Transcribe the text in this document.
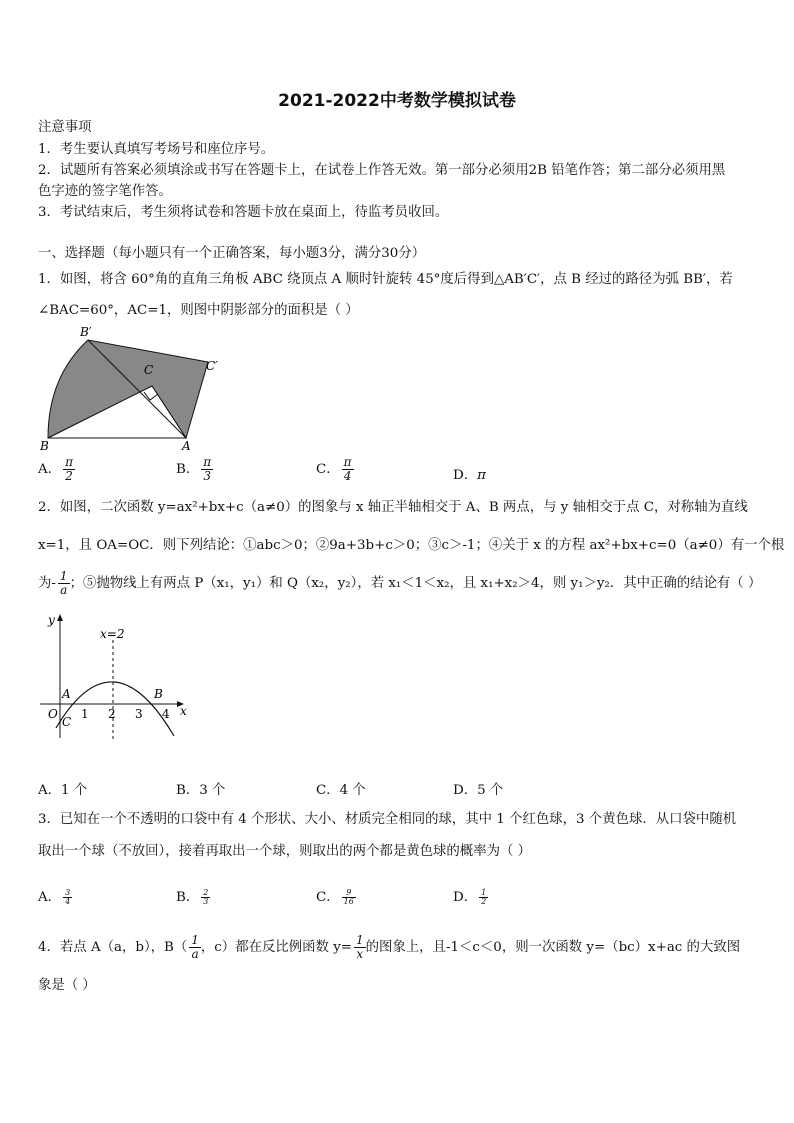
2021-2022中考数学模拟试卷
注意事项
1．考生要认真填写考场号和座位序号。
2．试题所有答案必须填涂或书写在答题卡上，在试卷上作答无效。第一部分必须用2B 铅笔作答；第二部分必须用黑
色字迹的签字笔作答。
3．考试结束后，考生须将试卷和答题卡放在桌面上，待监考员收回。
一、选择题（每小题只有一个正确答案，每小题3分，满分30分）
1．如图，将含 60°角的直角三角板 ABC 绕顶点 A 顺时针旋转 45°度后得到△AB′C′，点 B 经过的路径为弧 BB′，若
∠BAC=60°，AC=1，则图中阴影部分的面积是（ ）
B′
C′
C
B	A
A． $\frac{\pi}{2}$	B． $\frac{\pi}{3}$	C． $\frac{\pi}{4}$	D．π
2．如图，二次函数 y=ax²+bx+c（a≠0）的图象与 x 轴正半轴相交于 A、B 两点，与 y 轴相交于点 C，对称轴为直线
x=1，且 OA=OC．则下列结论：①abc＞0；②9a+3b+c＞0；③c＞-1；④关于 x 的方程 ax²+bx+c=0（a≠0）有一个根
为- $\frac{1}{a}$ ；⑤抛物线上有两点 P（x₁，y₁）和 Q（x₂，y₂），若 x₁＜1＜x₂，且 x₁+x₂＞4，则 y₁＞y₂．其中正确的结论有（ ）
y
x
x=2
O
A	B
C
1 2 3 4
A．1 个	B．3 个	C．4 个	D．5 个
3．已知在一个不透明的口袋中有 4 个形状、大小、材质完全相同的球，其中 1 个红色球，3 个黄色球．从口袋中随机
取出一个球（不放回），接着再取出一个球，则取出的两个都是黄色球的概率为（ ）
A． $\frac{3}{4}$	B． $\frac{2}{3}$	C． $\frac{9}{16}$	D． $\frac{1}{2}$
4．若点 A（a，b），$B( \frac{1}{a}$ ，c）都在反比例函数 $y= \frac{1}{x}$ 的图象上，且-1＜c＜0，则一次函数 y=（bc）x+ac 的大致图
象是（ ）
